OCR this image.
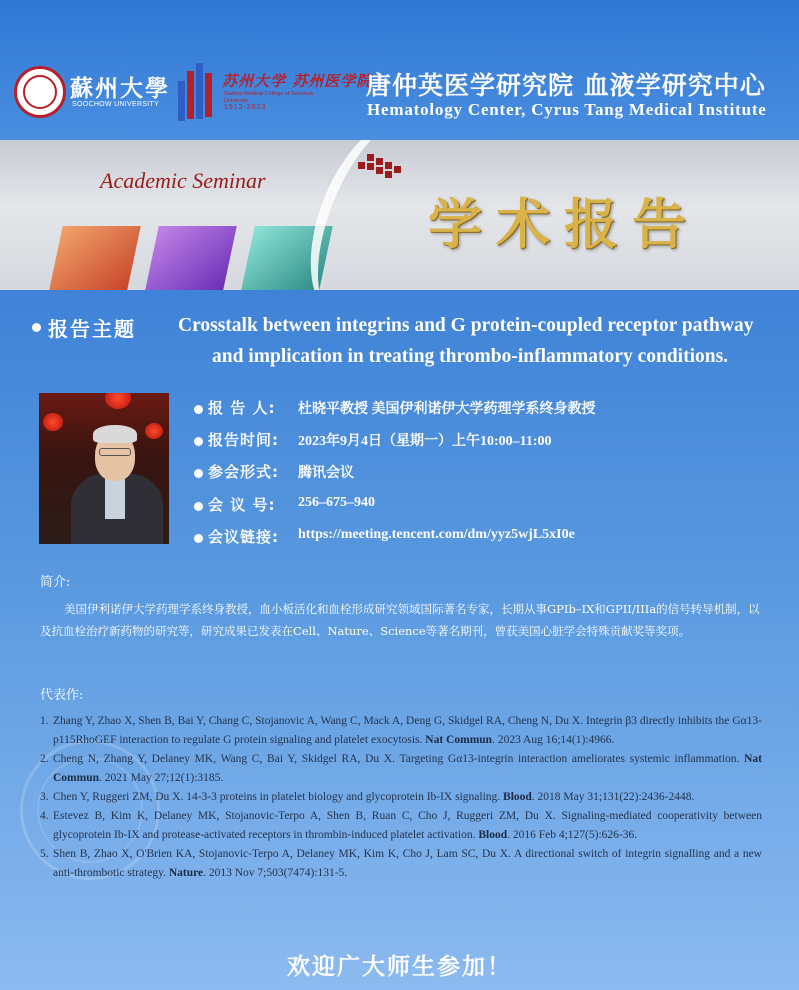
蘇州大學
SOOCHOW UNIVERSITY
苏州大学 苏州医学院
Suzhou Medical College of Soochow University
1912-2023
唐仲英医学研究院 血液学研究中心
Hematology Center, Cyrus Tang Medical Institute
Academic Seminar
学术报告
报告主题 Crosstalk between integrins and G protein-coupled receptor pathway
and implication in treating thrombo-inflammatory conditions.
报 告 人: 杜晓平教授 美国伊利诺伊大学药理学系终身教授
报告时间: 2023年9月4日（星期一）上午10:00–11:00
参会形式: 腾讯会议
会 议 号: 256–675–940
会议链接: https://meeting.tencent.com/dm/yyz5wjL5xI0e
简介:
美国伊利诺伊大学药理学系终身教授，血小板活化和血栓形成研究领域国际著名专家，长期从事GPIb–IX和GPII/IIIa的信号转导机制，以及抗血栓治疗新药物的研究等，研究成果已发表在Cell、Nature、Science等著名期刊，曾获美国心脏学会特殊贡献奖等奖项。
代表作:
1. Zhang Y, Zhao X, Shen B, Bai Y, Chang C, Stojanovic A, Wang C, Mack A, Deng G, Skidgel RA, Cheng N, Du X. Integrin β3 directly inhibits the Gα13-p115RhoGEF interaction to regulate G protein signaling and platelet exocytosis. Nat Commun. 2023 Aug 16;14(1):4966.
2. Cheng N, Zhang Y, Delaney MK, Wang C, Bai Y, Skidgel RA, Du X. Targeting Gα13-integrin interaction ameliorates systemic inflammation. Nat Commun. 2021 May 27;12(1):3185.
3. Chen Y, Ruggeri ZM, Du X. 14-3-3 proteins in platelet biology and glycoprotein Ib-IX signaling. Blood. 2018 May 31;131(22):2436-2448.
4. Estevez B, Kim K, Delaney MK, Stojanovic-Terpo A, Shen B, Ruan C, Cho J, Ruggeri ZM, Du X. Signaling-mediated cooperativity between glycoprotein Ib-IX and protease-activated receptors in thrombin-induced platelet activation. Blood. 2016 Feb 4;127(5):626-36.
5. Shen B, Zhao X, O'Brien KA, Stojanovic-Terpo A, Delaney MK, Kim K, Cho J, Lam SC, Du X. A directional switch of integrin signalling and a new anti-thrombotic strategy. Nature. 2013 Nov 7;503(7474):131-5.
欢迎广大师生参加！
